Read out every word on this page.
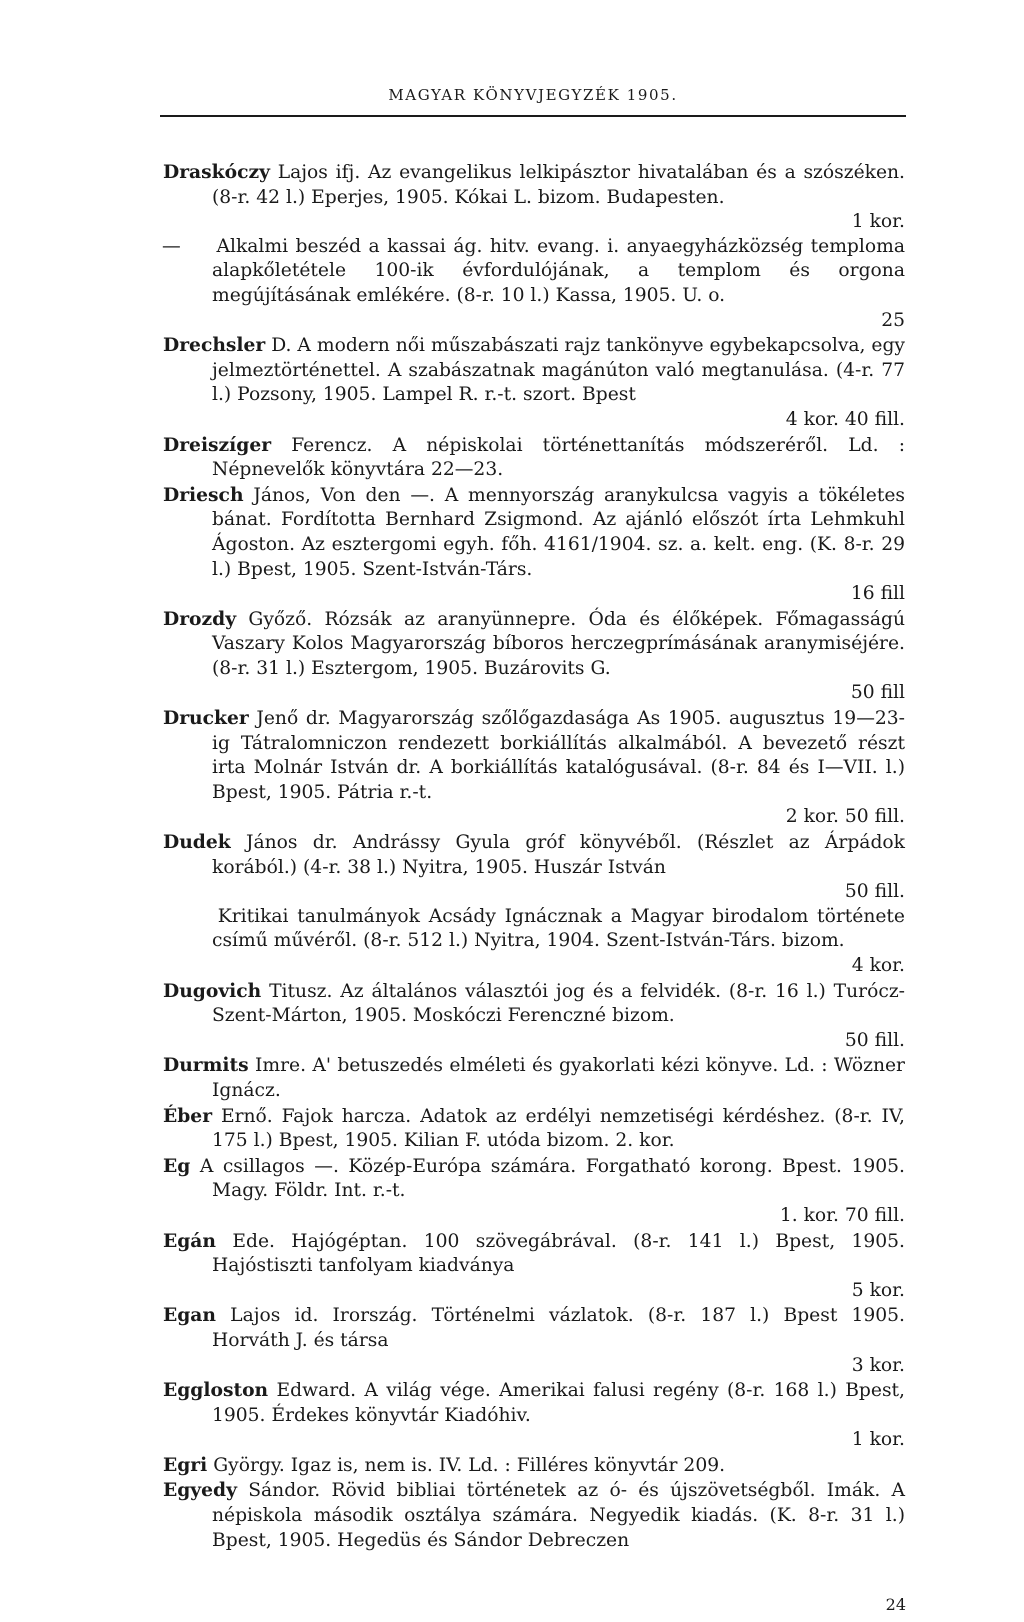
MAGYAR KÖNYVJEGYZÉK 1905.

Draskóczy Lajos ifj. Az evangelikus lelkipásztor hivatalában és a szószéken. (8-r. 42 l.) Eperjes, 1905. Kókai L. bizom. Budapesten.
1 kor.

— Alkalmi beszéd a kassai ág. hitv. evang. i. anyaegyházközség temploma alapkőletétele 100-ik évfordulójának, a templom és orgona megújításának emlékére. (8-r. 10 l.) Kassa, 1905. U. o.
25

Drechsler D. A modern női műszabászati rajz tankönyve egybekapcsolva, egy jelmeztörténettel. A szabászatnak magánúton való megtanulása. (4-r. 77 l.) Pozsony, 1905. Lampel R. r.-t. szort. Bpest
4 kor. 40 fill.

Dreiszíger Ferencz. A népiskolai történettanítás módszeréről. Ld. : Népnevelők könyvtára 22—23.

Driesch János, Von den —. A mennyország aranykulcsa vagyis a tökéletes bánat. Fordította Bernhard Zsigmond. Az ajánló előszót írta Lehmkuhl Ágoston. Az esztergomi egyh. főh. 4161/1904. sz. a. kelt. eng. (K. 8-r. 29 l.) Bpest, 1905. Szent-István-Társ.
16 fill

Drozdy Győző. Rózsák az aranyünnepre. Óda és élőképek. Főmagasságú Vaszary Kolos Magyarország bíboros herczegprímásának aranymiséjére. (8-r. 31 l.) Esztergom, 1905. Buzárovits G.
50 fill

Drucker Jenő dr. Magyarország szőlőgazdasága As 1905. augusztus 19—23-ig Tátralomniczon rendezett borkiállítás alkalmából. A bevezető részt irta Molnár István dr. A borkiállítás katalógusával. (8-r. 84 és I—VII. l.) Bpest, 1905. Pátria r.-t.
2 kor. 50 fill.

Dudek János dr. Andrássy Gyula gróf könyvéből. (Részlet az Árpádok korából.) (4-r. 38 l.) Nyitra, 1905. Huszár István
50 fill.

Kritikai tanulmányok Acsády Ignácznak a Magyar birodalom története csímű művéről. (8-r. 512 l.) Nyitra, 1904. Szent-István-Társ. bizom.
4 kor.

Dugovich Titusz. Az általános választói jog és a felvidék. (8-r. 16 l.) Turócz-Szent-Márton, 1905. Moskóczi Ferenczné bizom.
50 fill.

Durmits Imre. A' betuszedés elméleti és gyakorlati kézi könyve. Ld. : Wözner Ignácz.

Éber Ernő. Fajok harcza. Adatok az erdélyi nemzetiségi kérdéshez. (8-r. IV, 175 l.) Bpest, 1905. Kilian F. utóda bizom. 2. kor.

Eg A csillagos —. Közép-Európa számára. Forgatható korong. Bpest. 1905. Magy. Földr. Int. r.-t.
1. kor. 70 fill.

Egán Ede. Hajógéptan. 100 szövegábrával. (8-r. 141 l.) Bpest, 1905. Hajóstiszti tanfolyam kiadványa
5 kor.

Egan Lajos id. Irország. Történelmi vázlatok. (8-r. 187 l.) Bpest 1905. Horváth J. és társa
3 kor.

Eggloston Edward. A világ vége. Amerikai falusi regény (8-r. 168 l.) Bpest, 1905. Érdekes könyvtár Kiadóhiv.
1 kor.

Egri György. Igaz is, nem is. IV. Ld. : Filléres könyvtár 209.

Egyedy Sándor. Rövid bibliai történetek az ó- és újszövetségből. Imák. A népiskola második osztálya számára. Negyedik kiadás. (K. 8-r. 31 l.) Bpest, 1905. Hegedüs és Sándor Debreczen

24
